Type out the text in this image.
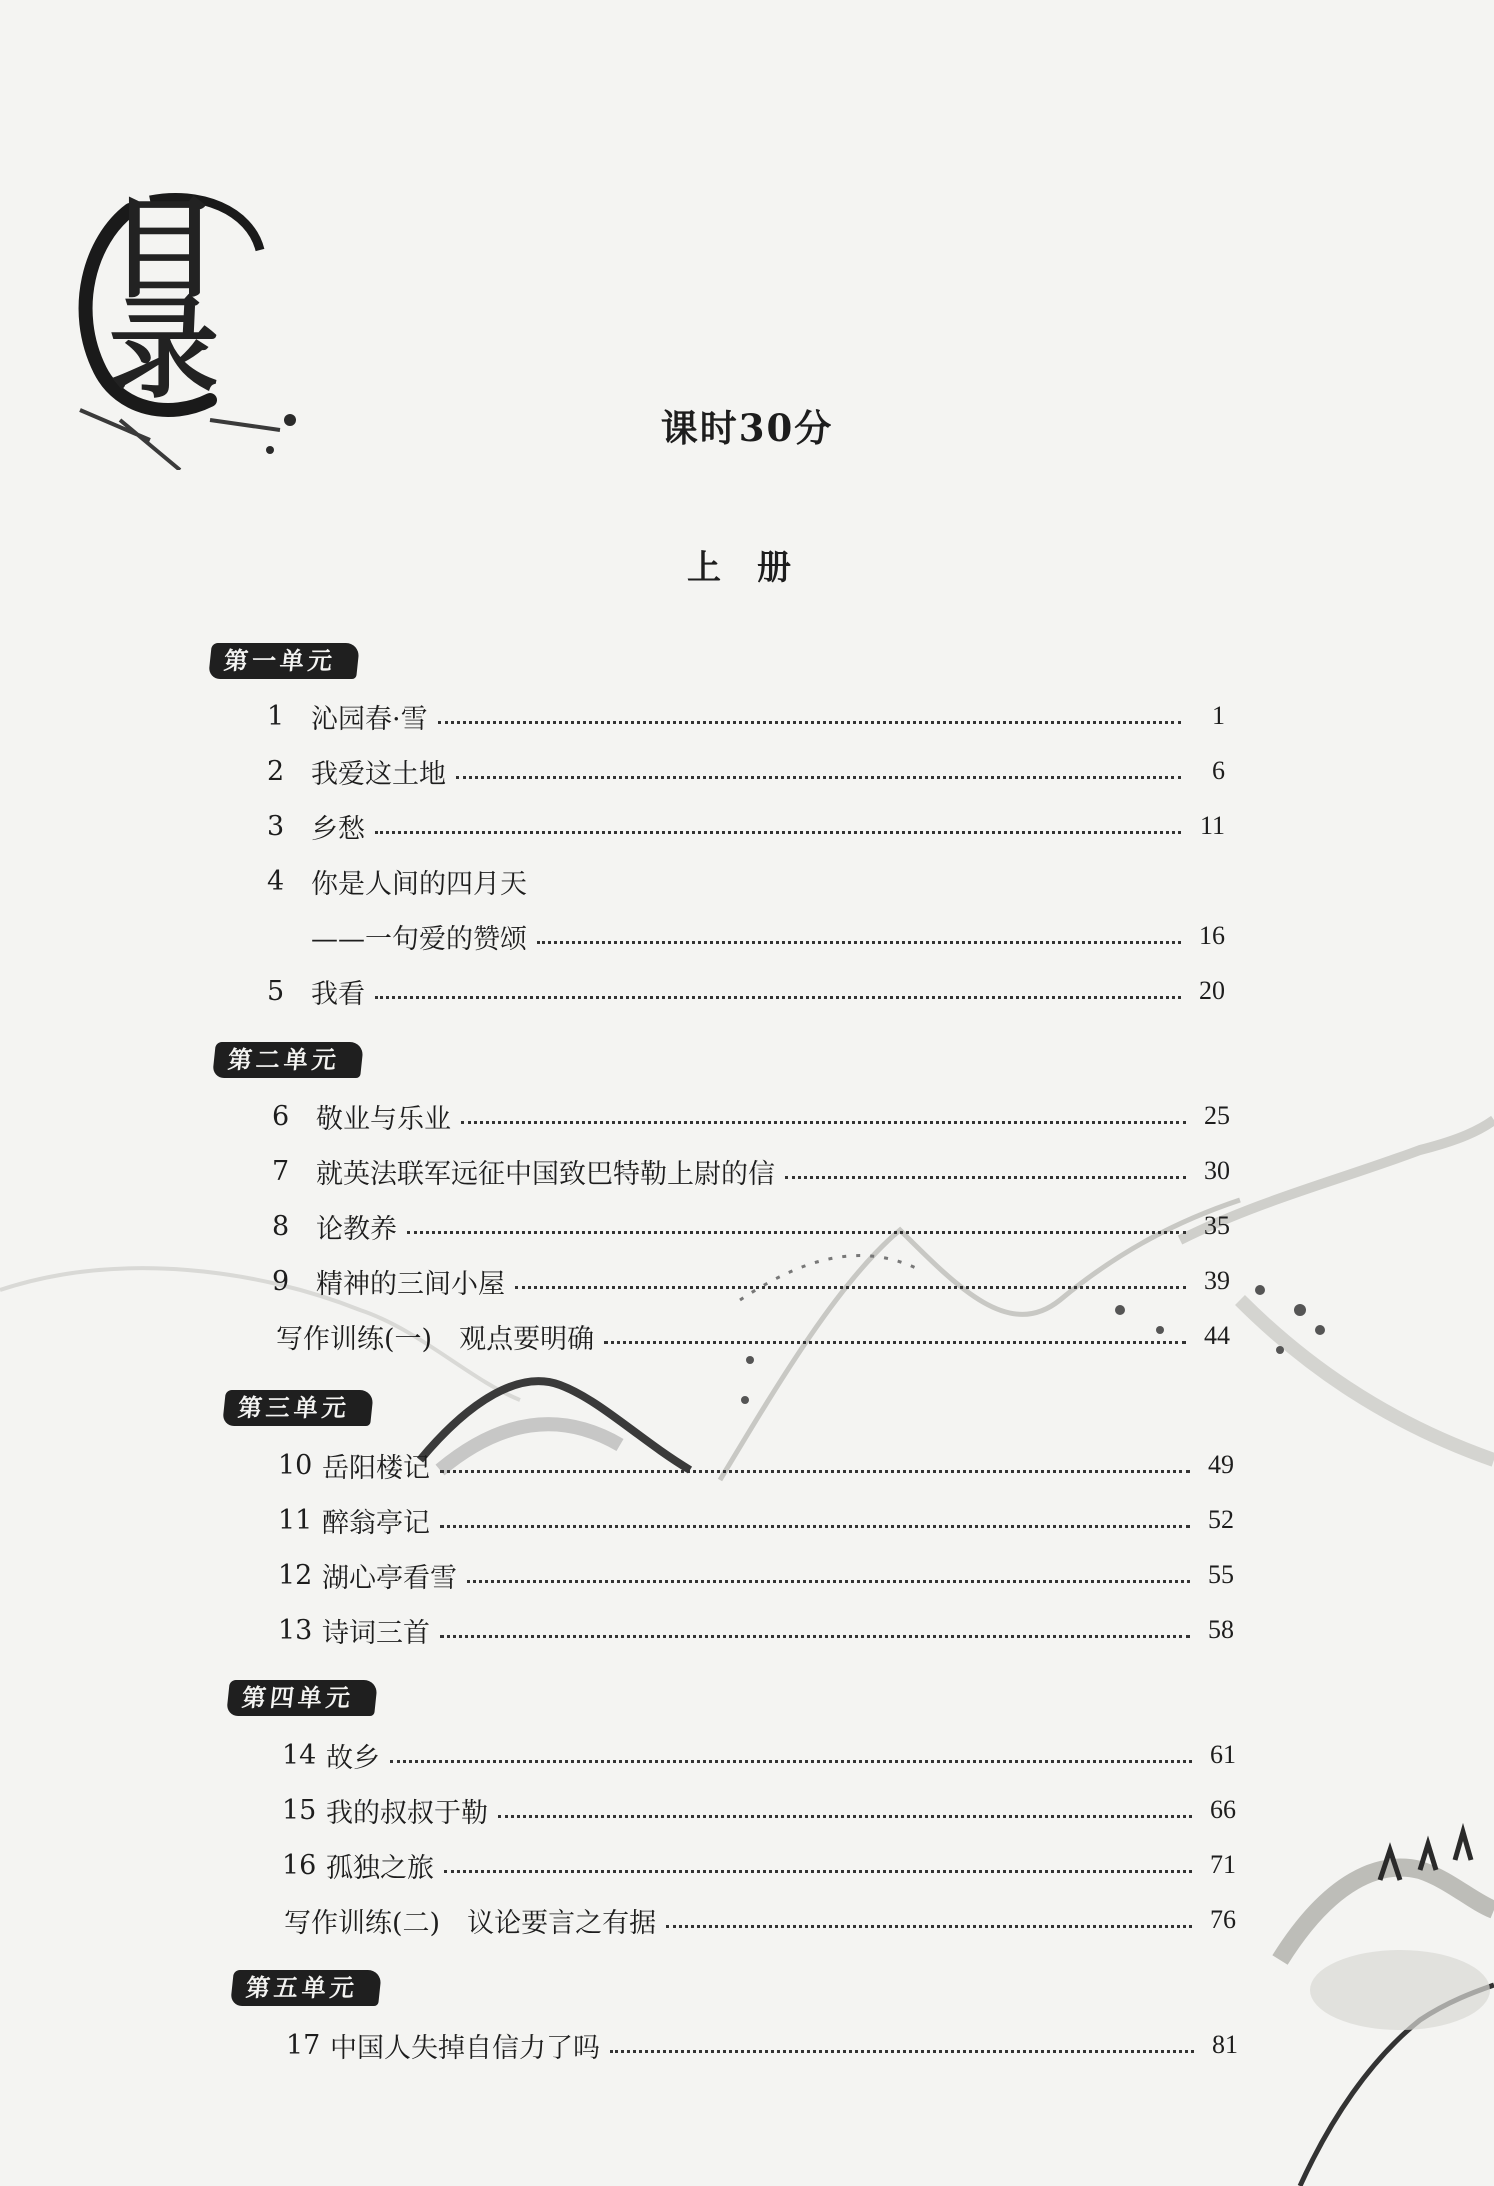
目录
课时30分
上册
第一单元
1 沁园春·雪	1
2 我爱这土地	6
3 乡愁	11
4 你是人间的四月天
——一句爱的赞颂	16
5 我看	20
第二单元
6 敬业与乐业	25
7 就英法联军远征中国致巴特勒上尉的信	30
8 论教养	35
9 精神的三间小屋	39
写作训练(一)　观点要明确	44
第三单元
10 岳阳楼记	49
11 醉翁亭记	52
12 湖心亭看雪	55
13 诗词三首	58
第四单元
14 故乡	61
15 我的叔叔于勒	66
16 孤独之旅	71
写作训练(二)　议论要言之有据	76
第五单元
17 中国人失掉自信力了吗	81
